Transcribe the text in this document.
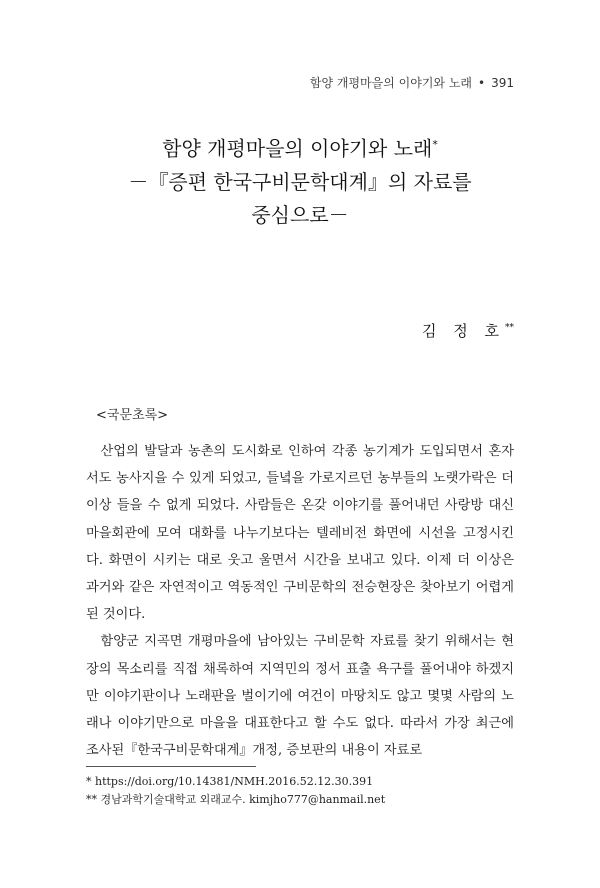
함양 개평마을의 이야기와 노래 • 391
함양 개평마을의 이야기와 노래*
－『증편 한국구비문학대계』의 자료를
중심으로－
김 정 호**
<국문초록>

산업의 발달과 농촌의 도시화로 인하여 각종 농기계가 도입되면서 혼자서도 농사지을 수 있게 되었고, 들녘을 가로지르던 농부들의 노랫가락은 더 이상 들을 수 없게 되었다. 사람들은 온갖 이야기를 풀어내던 사랑방 대신 마을회관에 모여 대화를 나누기보다는 텔레비전 화면에 시선을 고정시킨다. 화면이 시키는 대로 웃고 울면서 시간을 보내고 있다. 이제 더 이상은 과거와 같은 자연적이고 역동적인 구비문학의 전승현장은 찾아보기 어렵게 된 것이다.

함양군 지곡면 개평마을에 남아있는 구비문학 자료를 찾기 위해서는 현장의 목소리를 직접 채록하여 지역민의 정서 표출 욕구를 풀어내야 하겠지만 이야기판이나 노래판을 벌이기에 여건이 마땅치도 않고 몇몇 사람의 노래나 이야기만으로 마을을 대표한다고 할 수도 없다. 따라서 가장 최근에 조사된『한국구비문학대계』개정, 증보판의 내용이 자료로

* https://doi.org/10.14381/NMH.2016.52.12.30.391
** 경남과학기술대학교 외래교수. kimjho777@hanmail.net
